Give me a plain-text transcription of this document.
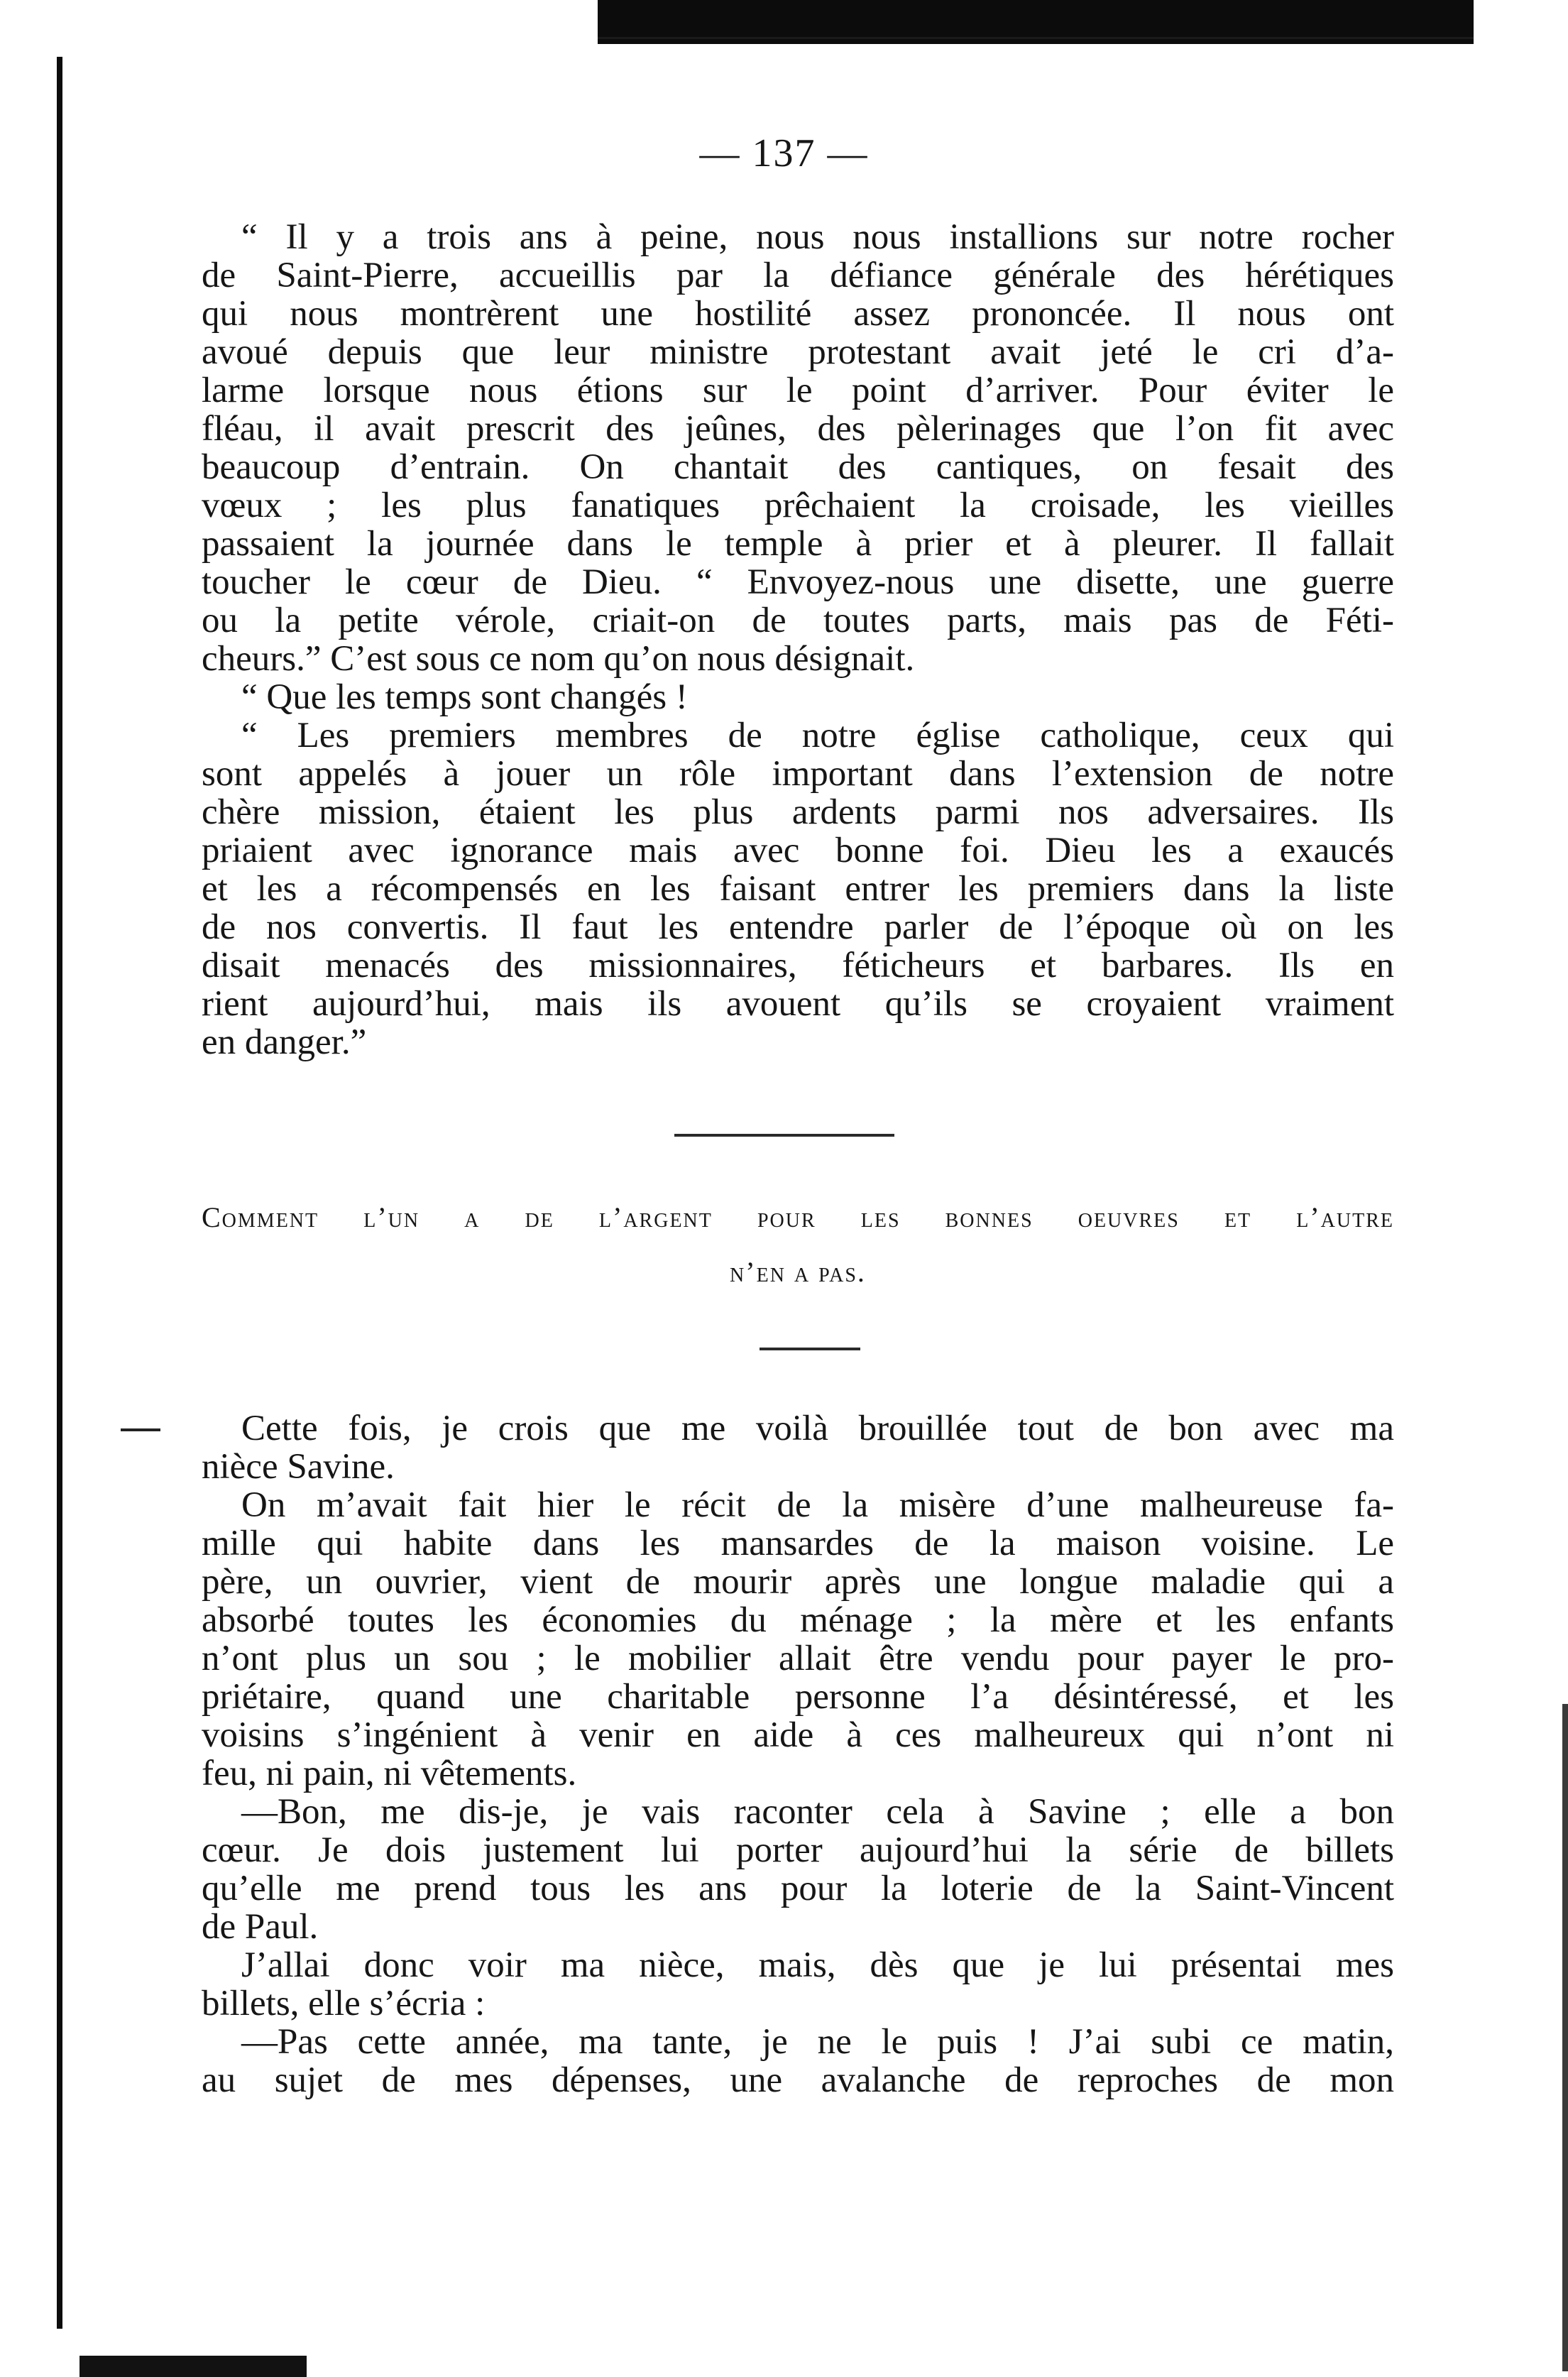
— 137 —
“ Il y a trois ans à peine, nous nous installions sur notre rocher
de Saint-Pierre, accueillis par la défiance générale des hérétiques
qui nous montrèrent une hostilité assez prononcée. Il nous ont
avoué depuis que leur ministre protestant avait jeté le cri d’a-
larme lorsque nous étions sur le point d’arriver. Pour éviter le
fléau, il avait prescrit des jeûnes, des pèlerinages que l’on fit avec
beaucoup d’entrain. On chantait des cantiques, on fesait des
vœux ; les plus fanatiques prêchaient la croisade, les vieilles
passaient la journée dans le temple à prier et à pleurer. Il fallait
toucher le cœur de Dieu. “ Envoyez-nous une disette, une guerre
ou la petite vérole, criait-on de toutes parts, mais pas de Féti-
cheurs.” C’est sous ce nom qu’on nous désignait.
“ Que les temps sont changés !
“ Les premiers membres de notre église catholique, ceux qui
sont appelés à jouer un rôle important dans l’extension de notre
chère mission, étaient les plus ardents parmi nos adversaires. Ils
priaient avec ignorance mais avec bonne foi. Dieu les a exaucés
et les a récompensés en les faisant entrer les premiers dans la liste
de nos convertis. Il faut les entendre parler de l’époque où on les
disait menacés des missionnaires, féticheurs et barbares. Ils en
rient aujourd’hui, mais ils avouent qu’ils se croyaient vraiment
en danger.”
Comment l’un a de l’argent pour les bonnes oeuvres et l’autre
n’en a pas.
Cette fois, je crois que me voilà brouillée tout de bon avec ma
nièce Savine.
On m’avait fait hier le récit de la misère d’une malheureuse fa-
mille qui habite dans les mansardes de la maison voisine. Le
père, un ouvrier, vient de mourir après une longue maladie qui a
absorbé toutes les économies du ménage ; la mère et les enfants
n’ont plus un sou ; le mobilier allait être vendu pour payer le pro-
priétaire, quand une charitable personne l’a désintéressé, et les
voisins s’ingénient à venir en aide à ces malheureux qui n’ont ni
feu, ni pain, ni vêtements.
—Bon, me dis-je, je vais raconter cela à Savine ; elle a bon
cœur. Je dois justement lui porter aujourd’hui la série de billets
qu’elle me prend tous les ans pour la loterie de la Saint-Vincent
de Paul.
J’allai donc voir ma nièce, mais, dès que je lui présentai mes
billets, elle s’écria :
—Pas cette année, ma tante, je ne le puis ! J’ai subi ce matin,
au sujet de mes dépenses, une avalanche de reproches de mon
